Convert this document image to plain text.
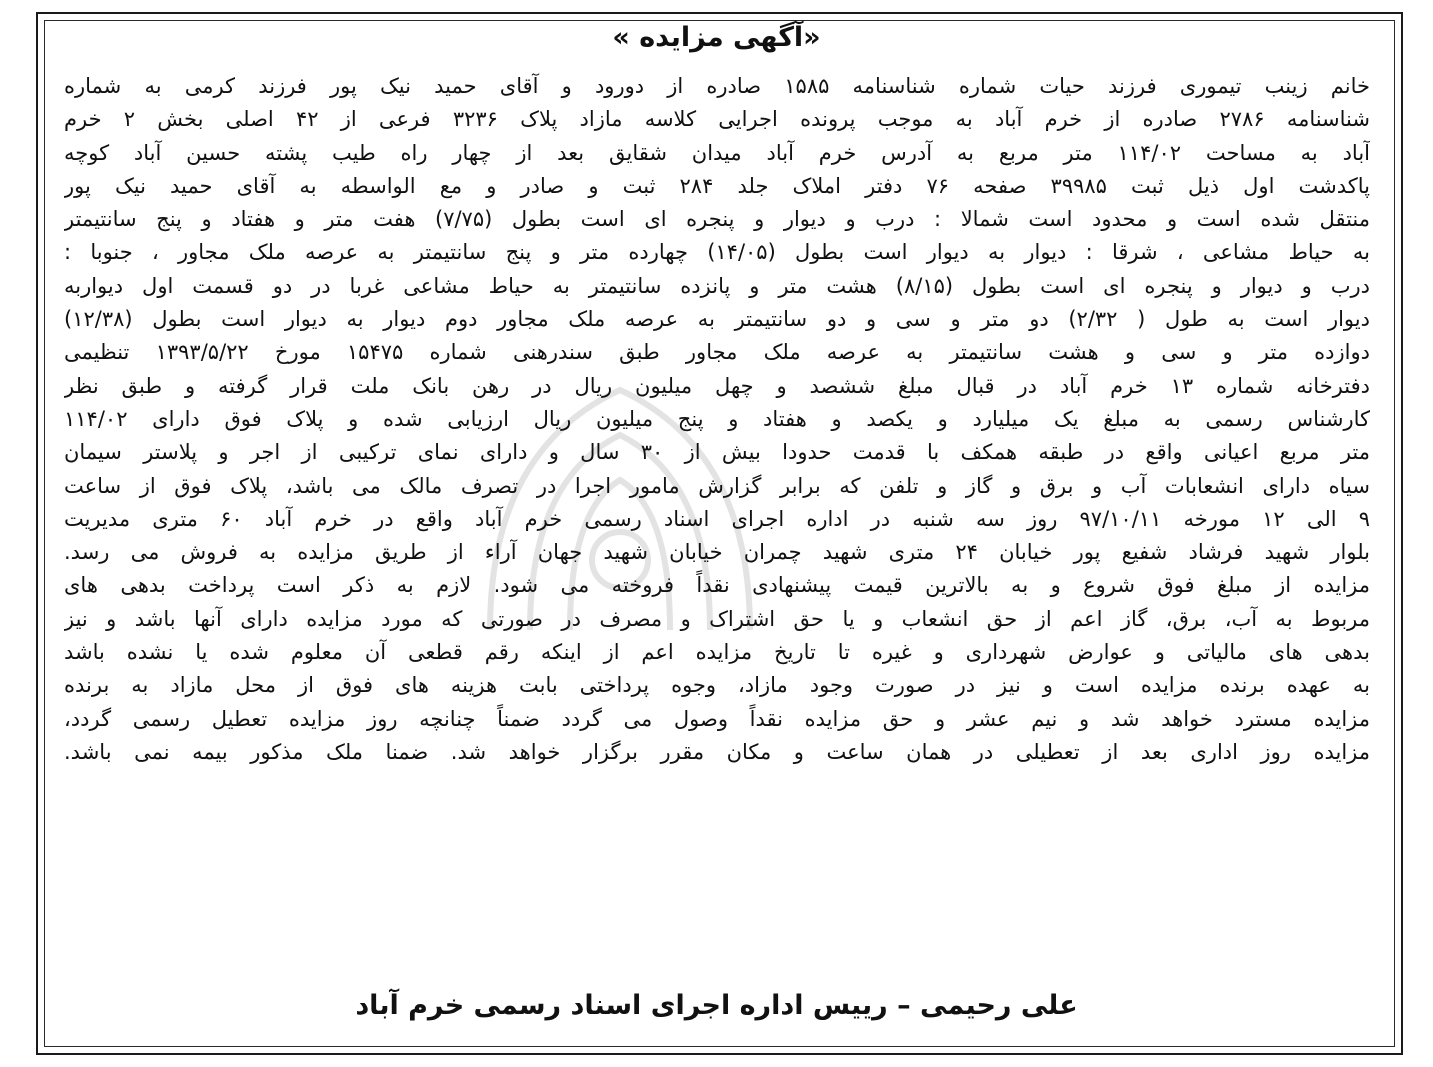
«آگهی مزایده »
خانم زینب تیموری فرزند حیات شماره شناسنامه ۱۵۸۵ صادره از دورود و آقای حمید نیک پور فرزند کرمی به شماره
شناسنامه ۲۷۸۶ صادره از خرم آباد به موجب پرونده اجرایی کلاسه مازاد پلاک ۳۲۳۶ فرعی از ۴۲ اصلی بخش ۲ خرم
آباد به مساحت ۱۱۴/۰۲ متر مربع به آدرس خرم آباد میدان شقایق بعد از چهار راه طیب پشته حسین آباد کوچه
پاکدشت اول ذیل ثبت ۳۹۹۸۵ صفحه ۷۶ دفتر املاک جلد ۲۸۴ ثبت و صادر و مع الواسطه به آقای حمید نیک پور
منتقل شده است و محدود است شمالا : درب و دیوار و پنجره ای است بطول (۷/۷۵) هفت متر و هفتاد و پنج سانتیمتر
به حیاط مشاعی ، شرقا : دیوار به دیوار است بطول (۱۴/۰۵) چهارده متر و پنج سانتیمتر به عرصه ملک مجاور ، جنوبا :
درب و دیوار و پنجره ای است بطول (۸/۱۵) هشت متر و پانزده سانتیمتر به حیاط مشاعی غربا در دو قسمت اول دیواربه
دیوار است به طول ( ۲/۳۲) دو متر و سی و دو سانتیمتر به عرصه ملک مجاور دوم دیوار به دیوار است بطول (۱۲/۳۸)
دوازده متر و سی و هشت سانتیمتر به عرصه ملک مجاور طبق سندرهنی شماره ۱۵۴۷۵ مورخ ۱۳۹۳/۵/۲۲ تنظیمی
دفترخانه شماره ۱۳ خرم آباد در قبال مبلغ ششصد و چهل میلیون ریال در رهن بانک ملت قرار گرفته و طبق نظر
کارشناس رسمی به مبلغ یک میلیارد و یکصد و هفتاد و پنج میلیون ریال ارزیابی شده و پلاک فوق دارای ۱۱۴/۰۲
متر مربع اعیانی واقع در طبقه همکف با قدمت حدودا بیش از ۳۰ سال و دارای نمای ترکیبی از اجر و پلاستر سیمان
سیاه دارای انشعابات آب و برق و گاز و تلفن که برابر گزارش مامور اجرا در تصرف مالک می باشد، پلاک فوق از ساعت
۹ الی ۱۲ مورخه ۹۷/۱۰/۱۱ روز سه شنبه در اداره اجرای اسناد رسمی خرم آباد واقع در خرم آباد ۶۰ متری مدیریت
بلوار شهید فرشاد شفیع پور خیابان ۲۴ متری شهید چمران خیابان شهید جهان آراء از طریق مزایده به فروش می رسد.
مزایده از مبلغ فوق شروع و به بالاترین قیمت پیشنهادی نقداً فروخته می شود. لازم به ذکر است پرداخت بدهی های
مربوط به آب، برق، گاز اعم از حق انشعاب و یا حق اشتراک و مصرف در صورتی که مورد مزایده دارای آنها باشد و نیز
بدهی های مالیاتی و عوارض شهرداری و غیره تا تاریخ مزایده اعم از اینکه رقم قطعی آن معلوم شده یا نشده باشد
به عهده برنده مزایده است و نیز در صورت وجود مازاد، وجوه پرداختی بابت هزینه های فوق از محل مازاد به برنده
مزایده مسترد خواهد شد و نیم عشر و حق مزایده نقداً وصول می گردد ضمناً چنانچه روز مزایده تعطیل رسمی گردد،
مزایده روز اداری بعد از تعطیلی در همان ساعت و مکان مقرر برگزار خواهد شد. ضمنا ملک مذکور بیمه نمی باشد.
علی رحیمی – رییس اداره اجرای اسناد رسمی خرم آباد
